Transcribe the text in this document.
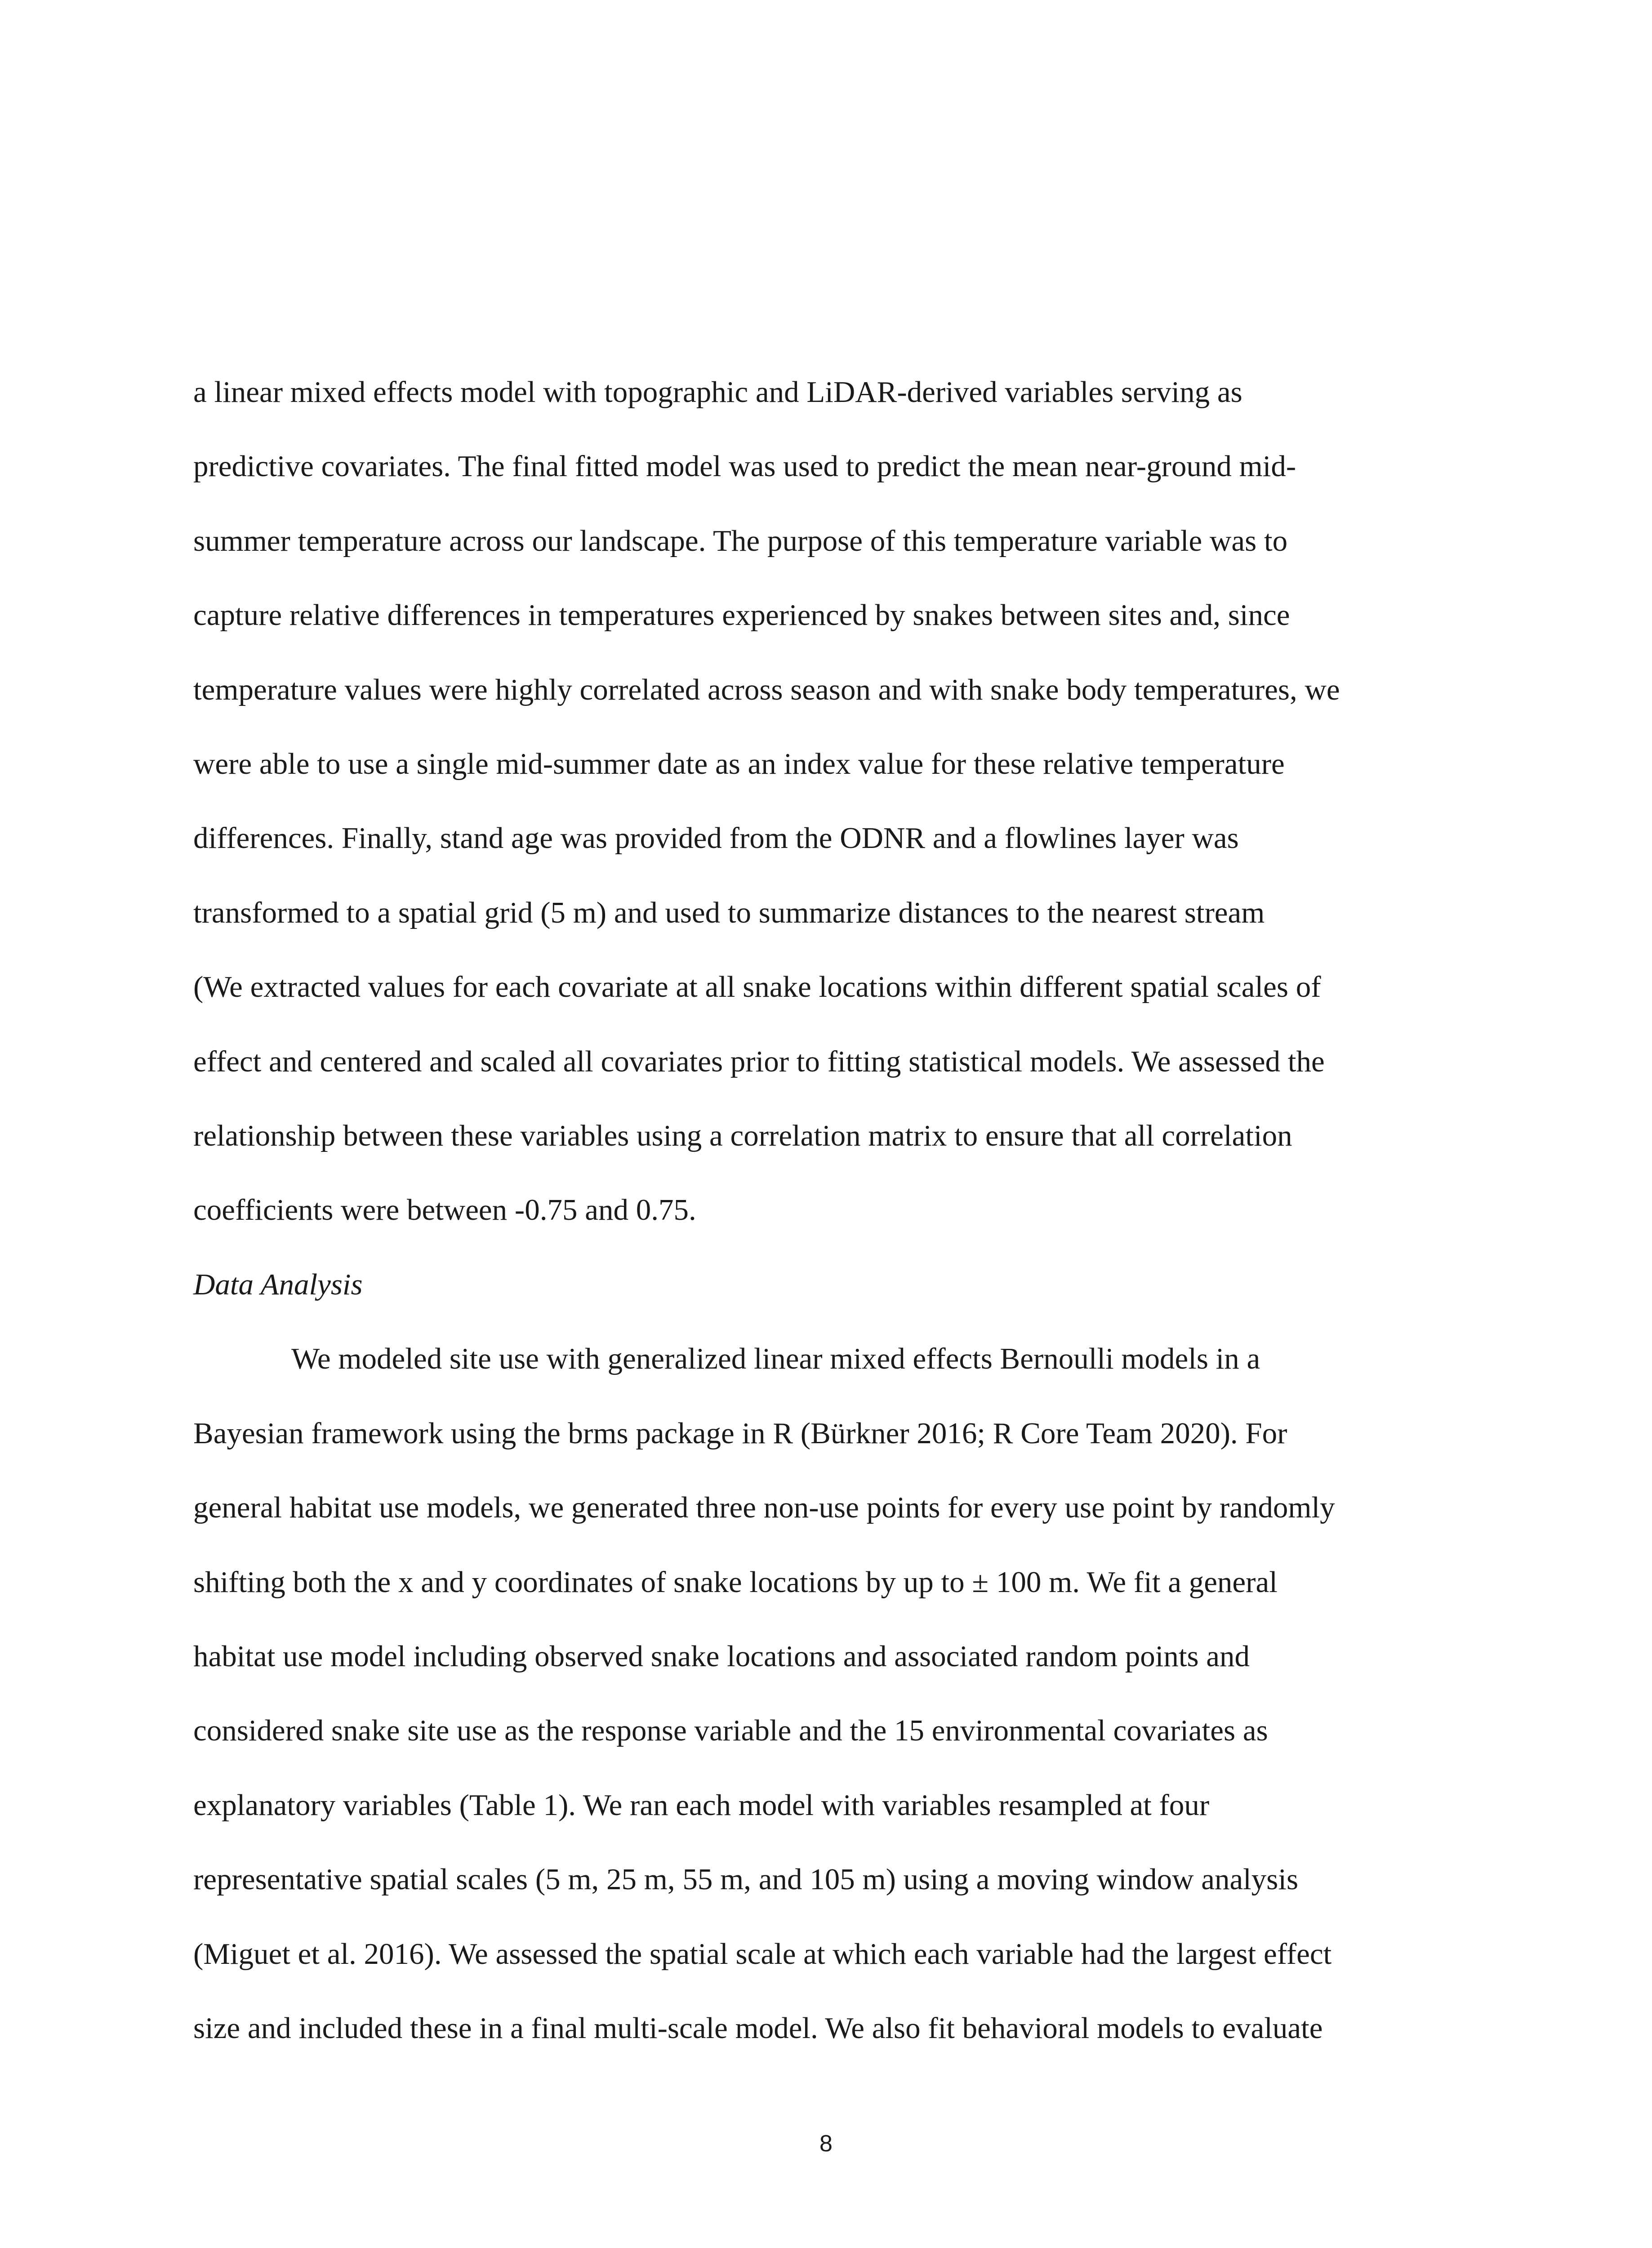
a linear mixed effects model with topographic and LiDAR-derived variables serving as

predictive covariates. The final fitted model was used to predict the mean near-ground mid-

summer temperature across our landscape. The purpose of this temperature variable was to

capture relative differences in temperatures experienced by snakes between sites and, since

temperature values were highly correlated across season and with snake body temperatures, we

were able to use a single mid-summer date as an index value for these relative temperature

differences. Finally, stand age was provided from the ODNR and a flowlines layer was

transformed to a spatial grid (5 m) and used to summarize distances to the nearest stream

(We extracted values for each covariate at all snake locations within different spatial scales of

effect and centered and scaled all covariates prior to fitting statistical models. We assessed the

relationship between these variables using a correlation matrix to ensure that all correlation

coefficients were between -0.75 and 0.75.

Data Analysis

We modeled site use with generalized linear mixed effects Bernoulli models in a

Bayesian framework using the brms package in R (Bürkner 2016; R Core Team 2020). For

general habitat use models, we generated three non-use points for every use point by randomly

shifting both the x and y coordinates of snake locations by up to ± 100 m. We fit a general

habitat use model including observed snake locations and associated random points and

considered snake site use as the response variable and the 15 environmental covariates as

explanatory variables (Table 1). We ran each model with variables resampled at four

representative spatial scales (5 m, 25 m, 55 m, and 105 m) using a moving window analysis

(Miguet et al. 2016). We assessed the spatial scale at which each variable had the largest effect

size and included these in a final multi-scale model. We also fit behavioral models to evaluate

8
